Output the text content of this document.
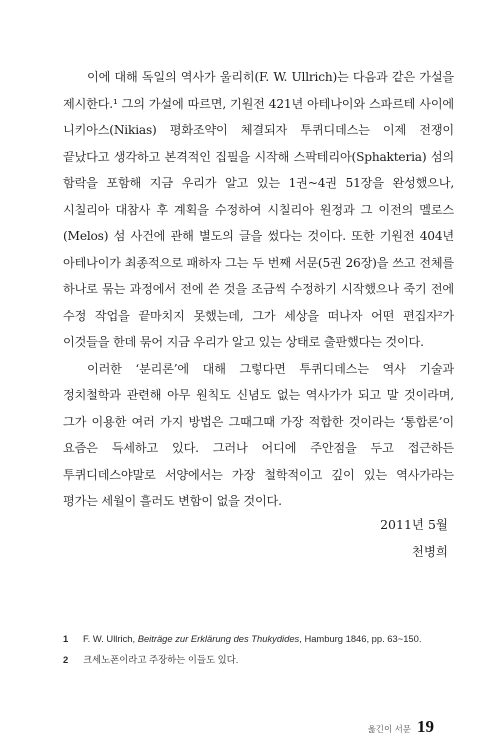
이에 대해 독일의 역사가 울리히(F. W. Ullrich)는 다음과 같은 가설을 제시한다.¹ 그의 가설에 따르면, 기원전 421년 아테나이와 스파르테 사이에 니키아스(Nikias) 평화조약이 체결되자 투퀴디데스는 이제 전쟁이 끝났다고 생각하고 본격적인 집필을 시작해 스팍테리아(Sphakteria) 섬의 함락을 포함해 지금 우리가 알고 있는 1권~4권 51장을 완성했으나, 시칠리아 대참사 후 계획을 수정하여 시칠리아 원정과 그 이전의 멜로스(Melos) 섬 사건에 관해 별도의 글을 썼다는 것이다. 또한 기원전 404년 아테나이가 최종적으로 패하자 그는 두 번째 서문(5권 26장)을 쓰고 전체를 하나로 묶는 과정에서 전에 쓴 것을 조금씩 수정하기 시작했으나 죽기 전에 수정 작업을 끝마치지 못했는데, 그가 세상을 떠나자 어떤 편집자²가 이것들을 한데 묶어 지금 우리가 알고 있는 상태로 출판했다는 것이다.

이러한 ‘분리론’에 대해 그렇다면 투퀴디데스는 역사 기술과 정치철학과 관련해 아무 원칙도 신념도 없는 역사가가 되고 말 것이라며, 그가 이용한 여러 가지 방법은 그때그때 가장 적합한 것이라는 ‘통합론’이 요즘은 득세하고 있다. 그러나 어디에 주안점을 두고 접근하든 투퀴디데스야말로 서양에서는 가장 철학적이고 깊이 있는 역사가라는 평가는 세월이 흘러도 변함이 없을 것이다.

2011년 5월
천병희
1	F. W. Ullrich, Beiträge zur Erklärung des Thukydides, Hamburg 1846, pp. 63~150.
2	크세노폰이라고 주장하는 이들도 있다.
옮긴이 서문 19
